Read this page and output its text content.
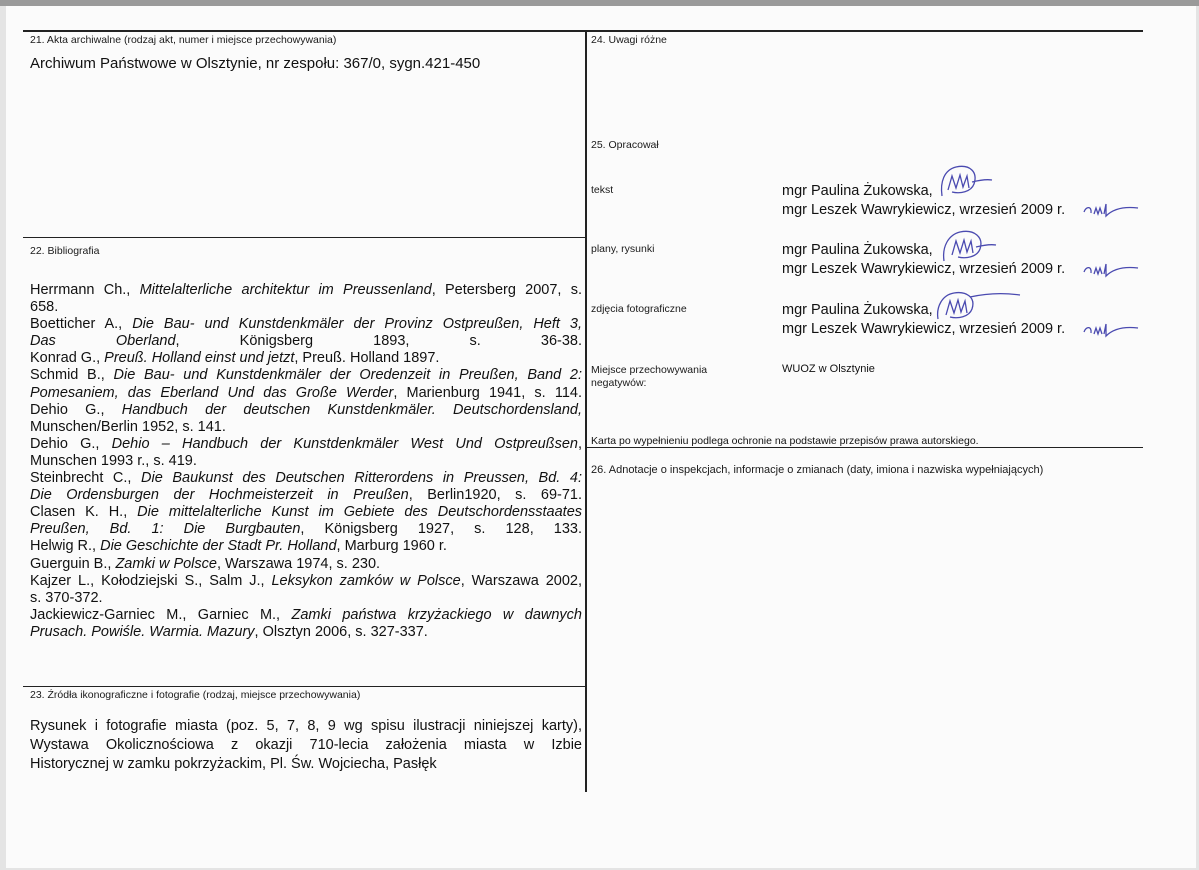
21. Akta archiwalne (rodzaj akt, numer i miejsce przechowywania)
Archiwum Państwowe w Olsztynie, nr zespołu: 367/0, sygn.421-450
22. Bibliografia
Herrmann Ch., Mittelalterliche architektur im Preussenland, Petersberg 2007, s.
658.
Boetticher A., Die Bau- und Kunstdenkmäler der Provinz Ostpreußen, Heft 3,
Das Oberland, Königsberg 1893, s. 36-38.
Konrad G., Preuß. Holland einst und jetzt, Preuß. Holland 1897.
Schmid B., Die Bau- und Kunstdenkmäler der Oredenzeit in Preußen, Band 2:
Pomesaniem, das Eberland Und das Große Werder, Marienburg 1941, s. 114.
Dehio G., Handbuch der deutschen Kunstdenkmäler. Deutschordensland,
Munschen/Berlin 1952, s. 141.
Dehio G., Dehio – Handbuch der Kunstdenkmäler West Und Ostpreußsen,
Munschen 1993 r., s. 419.
Steinbrecht C., Die Baukunst des Deutschen Ritterordens in Preussen, Bd. 4:
Die Ordensburgen der Hochmeisterzeit in Preußen, Berlin1920, s. 69-71.
Clasen K. H., Die mittelalterliche Kunst im Gebiete des Deutschordensstaates
Preußen, Bd. 1: Die Burgbauten, Königsberg 1927, s. 128, 133.
Helwig R., Die Geschichte der Stadt Pr. Holland, Marburg 1960 r.
Guerguin B., Zamki w Polsce, Warszawa 1974, s. 230.
Kajzer L., Kołodziejski S., Salm J., Leksykon zamków w Polsce, Warszawa 2002,
s. 370-372.
Jackiewicz-Garniec M., Garniec M., Zamki państwa krzyżackiego w dawnych
Prusach. Powiśle. Warmia. Mazury, Olsztyn 2006, s. 327-337.
23. Źródła ikonograficzne i fotografie (rodzaj, miejsce przechowywania)
Rysunek i fotografie miasta (poz. 5, 7, 8, 9 wg spisu ilustracji niniejszej karty),
Wystawa Okolicznościowa z okazji 710-lecia założenia miasta w Izbie
Historycznej w zamku pokrzyżackim, Pl. Św. Wojciecha, Pasłęk
24. Uwagi różne
25. Opracował
tekst	mgr Paulina Żukowska,
mgr Leszek Wawrykiewicz, wrzesień 2009 r.
plany, rysunki	mgr Paulina Żukowska,
mgr Leszek Wawrykiewicz, wrzesień 2009 r.
zdjęcia fotograficzne	mgr Paulina Żukowska,
mgr Leszek Wawrykiewicz, wrzesień 2009 r.
Miejsce przechowywania
negatywów:
WUOZ w Olsztynie
Karta po wypełnieniu podlega ochronie na podstawie przepisów prawa autorskiego.
26. Adnotacje o inspekcjach, informacje o zmianach (daty, imiona i nazwiska wypełniających)
